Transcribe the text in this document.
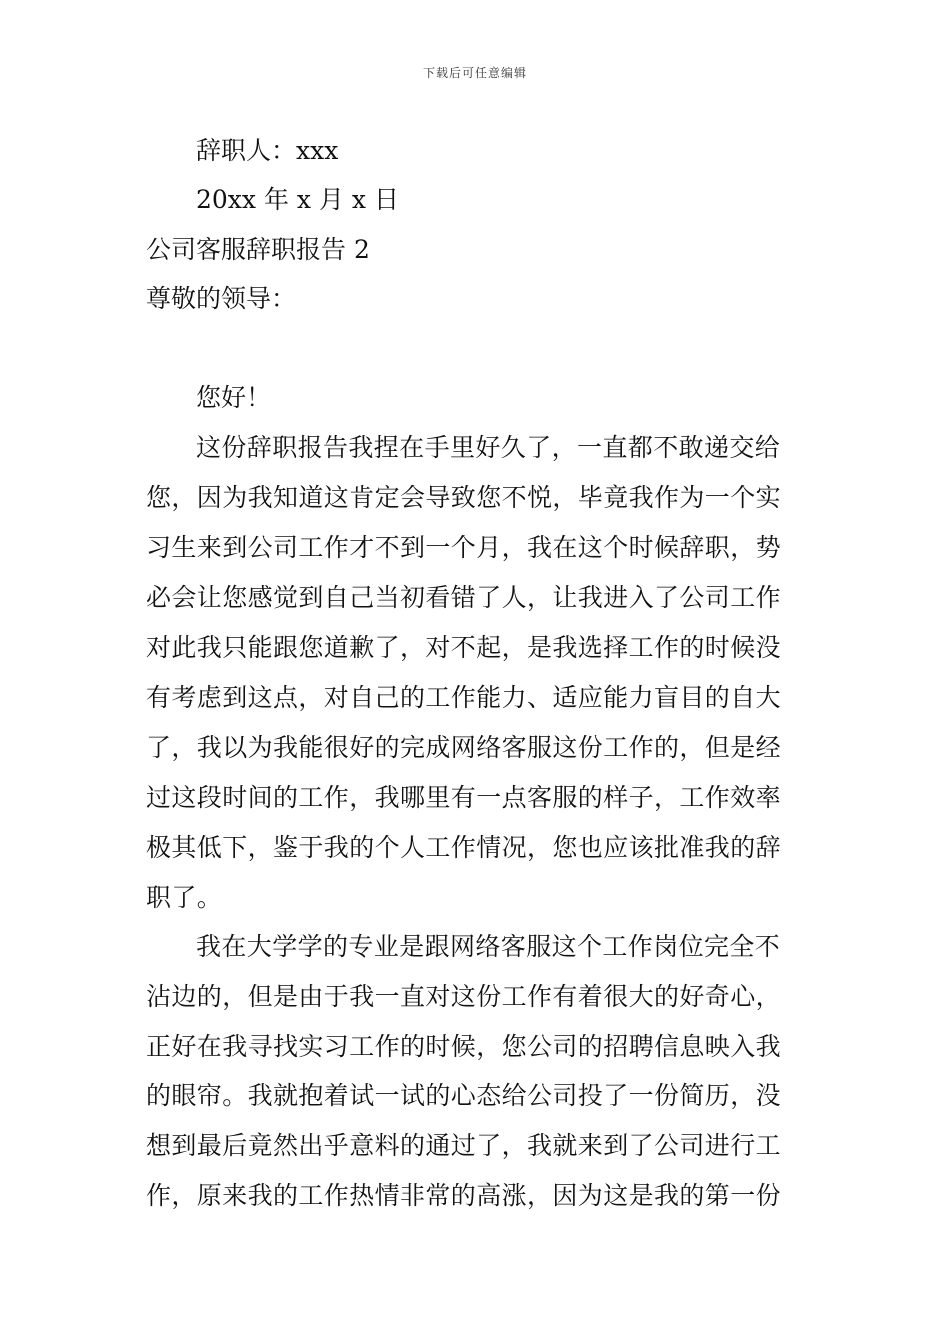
下载后可任意编辑
辞职人：xxx
20xx 年 x 月 x 日
公司客服辞职报告 2
尊敬的领导：
您好！
这份辞职报告我捏在手里好久了，一直都不敢递交给
您，因为我知道这肯定会导致您不悦，毕竟我作为一个实
习生来到公司工作才不到一个月，我在这个时候辞职，势
必会让您感觉到自己当初看错了人，让我进入了公司工作
对此我只能跟您道歉了，对不起，是我选择工作的时候没
有考虑到这点，对自己的工作能力、适应能力盲目的自大
了，我以为我能很好的完成网络客服这份工作的，但是经
过这段时间的工作，我哪里有一点客服的样子，工作效率
极其低下，鉴于我的个人工作情况，您也应该批准我的辞
职了。
我在大学学的专业是跟网络客服这个工作岗位完全不
沾边的，但是由于我一直对这份工作有着很大的好奇心，
正好在我寻找实习工作的时候，您公司的招聘信息映入我
的眼帘。我就抱着试一试的心态给公司投了一份简历，没
想到最后竟然出乎意料的通过了，我就来到了公司进行工
作，原来我的工作热情非常的高涨，因为这是我的第一份
